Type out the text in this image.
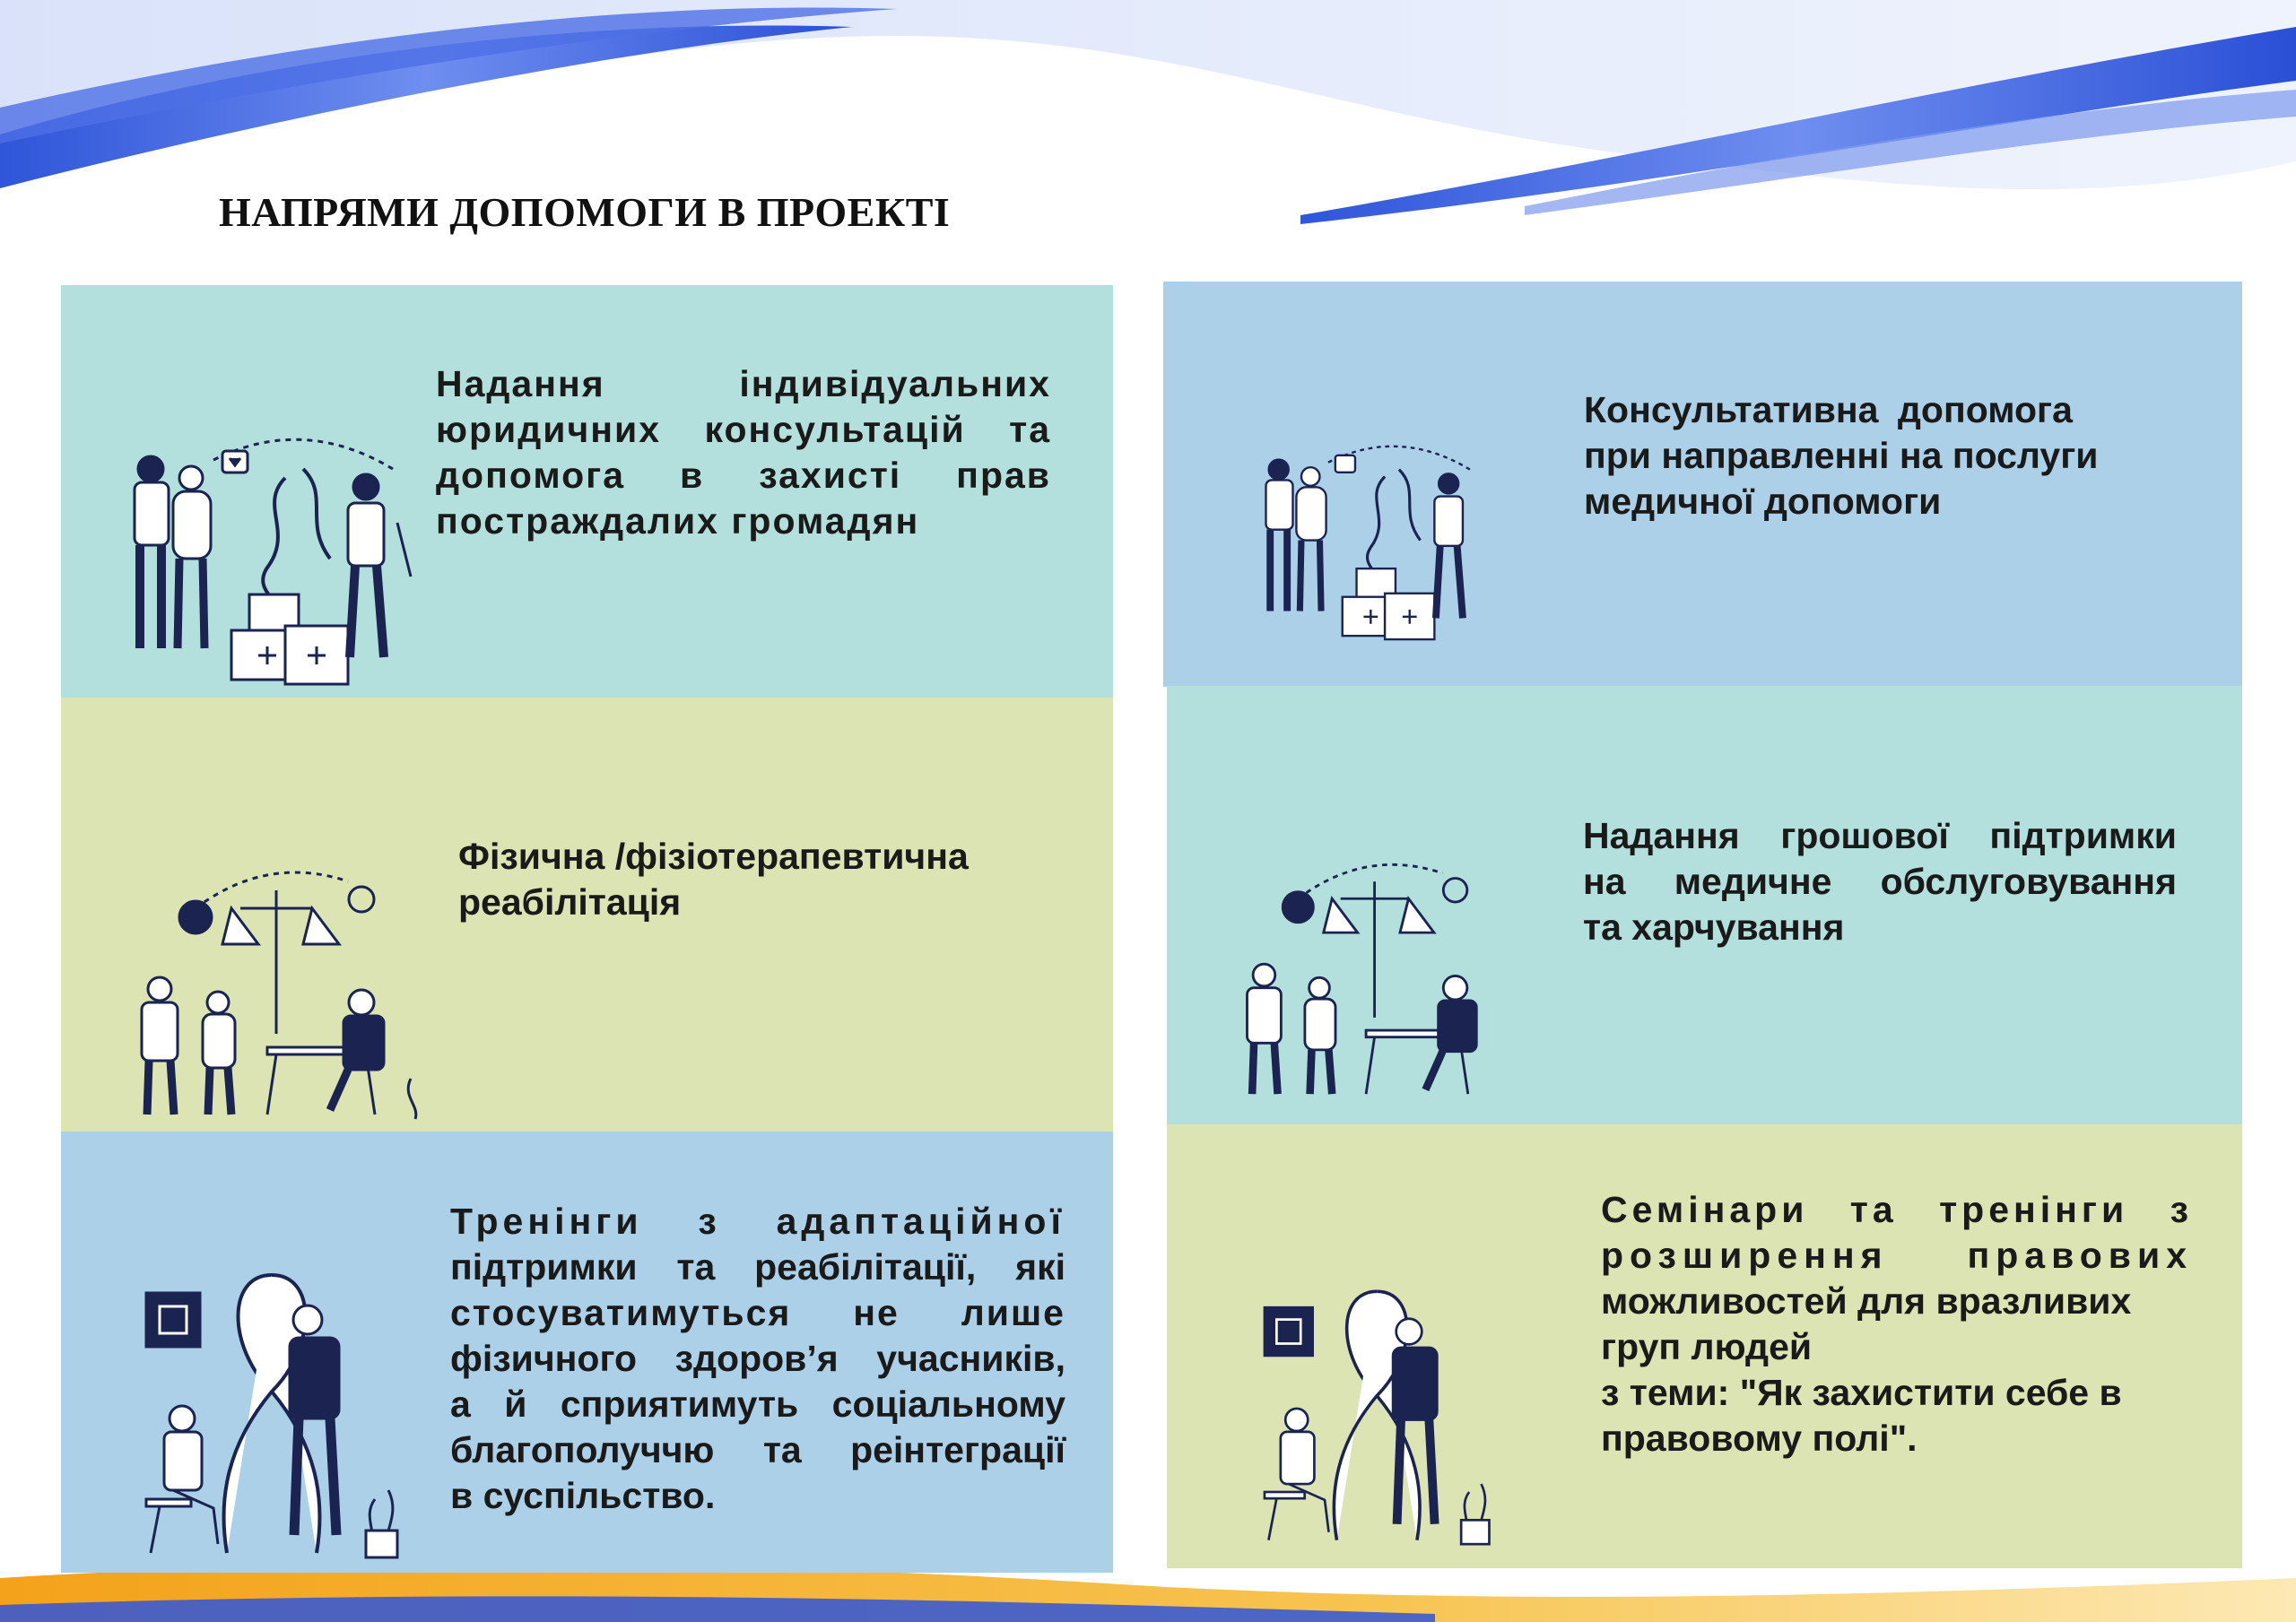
НАПРЯМИ ДОПОМОГИ В ПРОЕКТІ
Надання індивідуальних
юридичних консультацій та
допомога в захисті прав
постраждалих громадян
Консультативна допомога
при направленні на послуги
медичної допомоги
Фізична /фізіотерапевтична
реабілітація
Надання грошової підтримки
на медичне обслуговування
та харчування
Тренінги з адаптаційної
підтримки та реабілітації, які
стосуватимуться не лише
фізичного здоров’я учасників,
а й сприятимуть соціальному
благополуччю та реінтеграції
в суспільство.
Семінари та тренінги з
розширення правових
можливостей для вразливих
груп людей
з теми: "Як захистити себе в
правовому полі".
